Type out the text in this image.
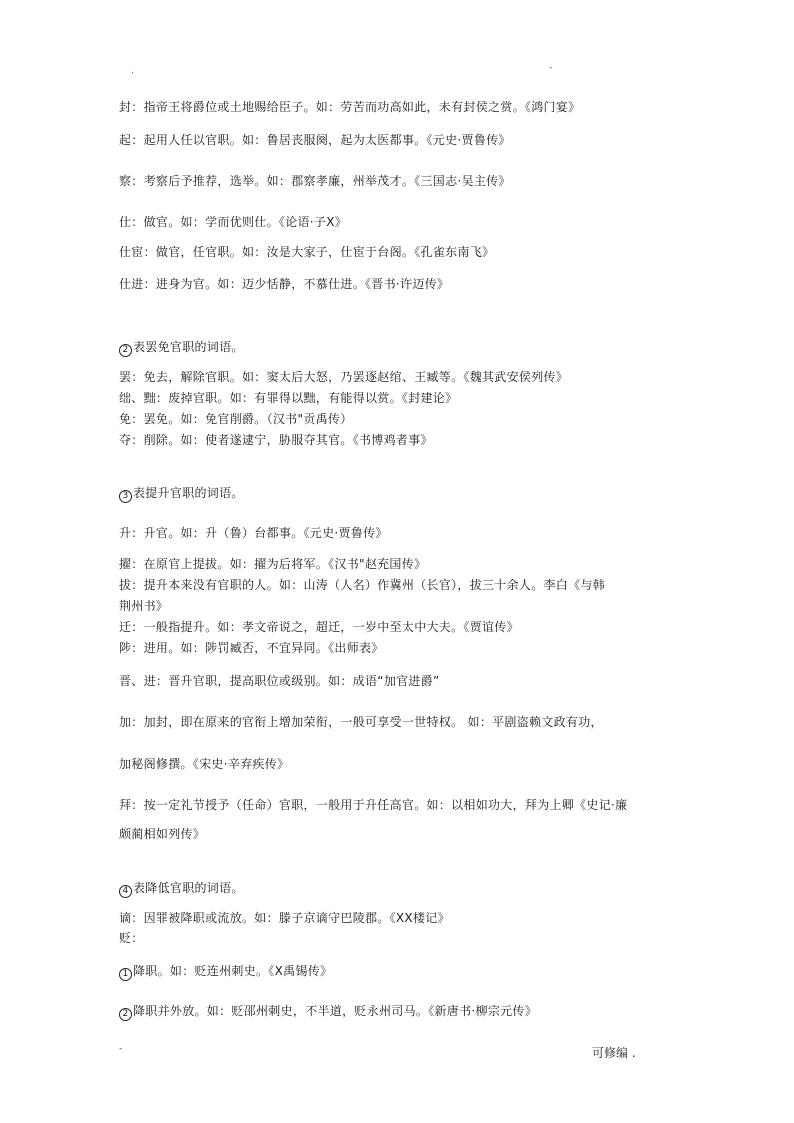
.	-
封：指帝王将爵位或土地赐给臣子。如：劳苦而功高如此，未有封侯之赏。《鸿门宴》
起：起用人任以官职。如：鲁居丧服阕，起为太医都事。《元史·贾鲁传》
察：考察后予推荐，选举。如：郡察孝廉，州举茂才。《三国志·吴主传》
仕：做官。如：学而优则仕。《论语·子X》
仕宦：做官，任官职。如：汝是大家子，仕宦于台阁。《孔雀东南飞》
仕进：进身为官。如：迈少恬静，不慕仕进。《晋书·许迈传》
2 表罢免官职的词语。
罢：免去，解除官职。如：窦太后大怒，乃罢逐赵绾、王臧等。《魏其武安侯列传》
绌、黜：废掉官职。如：有罪得以黜，有能得以赏。《封建论》
免：罢免。如：免官削爵。（汉书"贡禹传）
夺：削除。如：使者遂逮宁，胁服夺其官。《书博鸡者事》
3 表提升官职的词语。
升：升官。如：升（鲁）台都事。《元史·贾鲁传》
擢：在原官上提拔。如：擢为后将军。《汉书"赵充国传》
拔：提升本来没有官职的人。如：山涛（人名）作冀州（长官），拔三十余人。李白《与韩
荆州书》
迁：一般指提升。如：孝文帝说之，超迁，一岁中至太中大夫。《贾谊传》
陟：进用。如：陟罚臧否，不宜异同。《出师表》
晋、进：晋升官职，提高职位或级别。如：成语“加官进爵”
加：加封，即在原来的官衔上增加荣衔，一般可享受一世特权。 如：平剧盗赖文政有功，
加秘阁修撰。《宋史·辛弃疾传》
拜：按一定礼节授予（任命）官职，一般用于升任高官。如：以相如功大，拜为上卿《史记·廉
颇蔺相如列传》
4 表降低官职的词语。
谪：因罪被降职或流放。如：滕子京谪守巴陵郡。《XX楼记》
贬：
1 降职。如：贬连州刺史。《X禹锡传》
2 降职并外放。如：贬邵州刺史，不半道，贬永州司马。《新唐书·柳宗元传》
-	可修编 .
